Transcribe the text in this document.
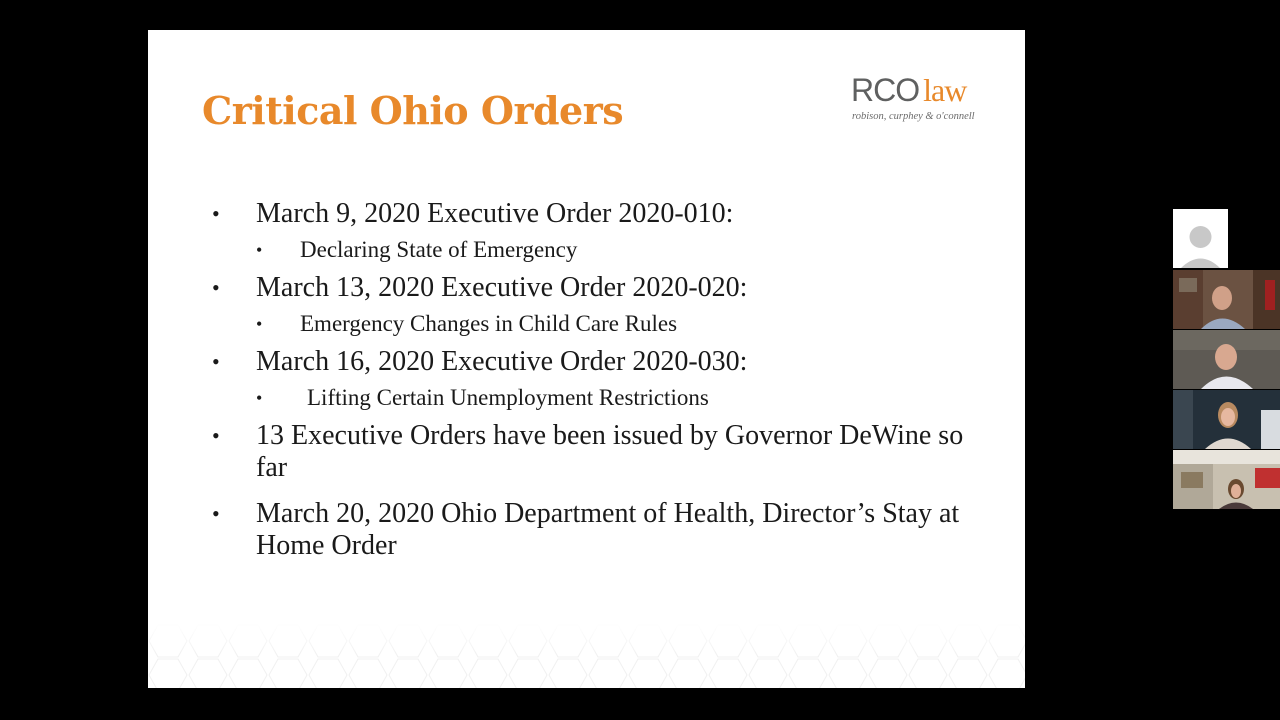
Critical Ohio Orders	RCO law
robison, curphey & o'connell
• March 9, 2020 Executive Order 2020-010:
• Declaring State of Emergency
• March 13, 2020 Executive Order 2020-020:
• Emergency Changes in Child Care Rules
• March 16, 2020 Executive Order 2020-030:
• Lifting Certain Unemployment Restrictions
• 13 Executive Orders have been issued by Governor DeWine so far
• March 20, 2020 Ohio Department of Health, Director’s Stay at Home Order
